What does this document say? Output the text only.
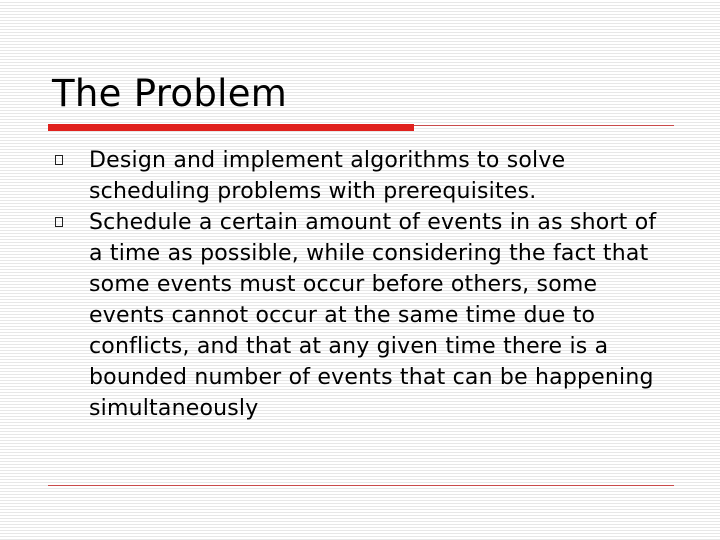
The Problem
Design and implement algorithms to solve scheduling problems with prerequisites.
Schedule a certain amount of events in as short of a time as possible, while considering the fact that some events must occur before others, some events cannot occur at the same time due to conflicts, and that at any given time there is a bounded number of events that can be happening simultaneously
